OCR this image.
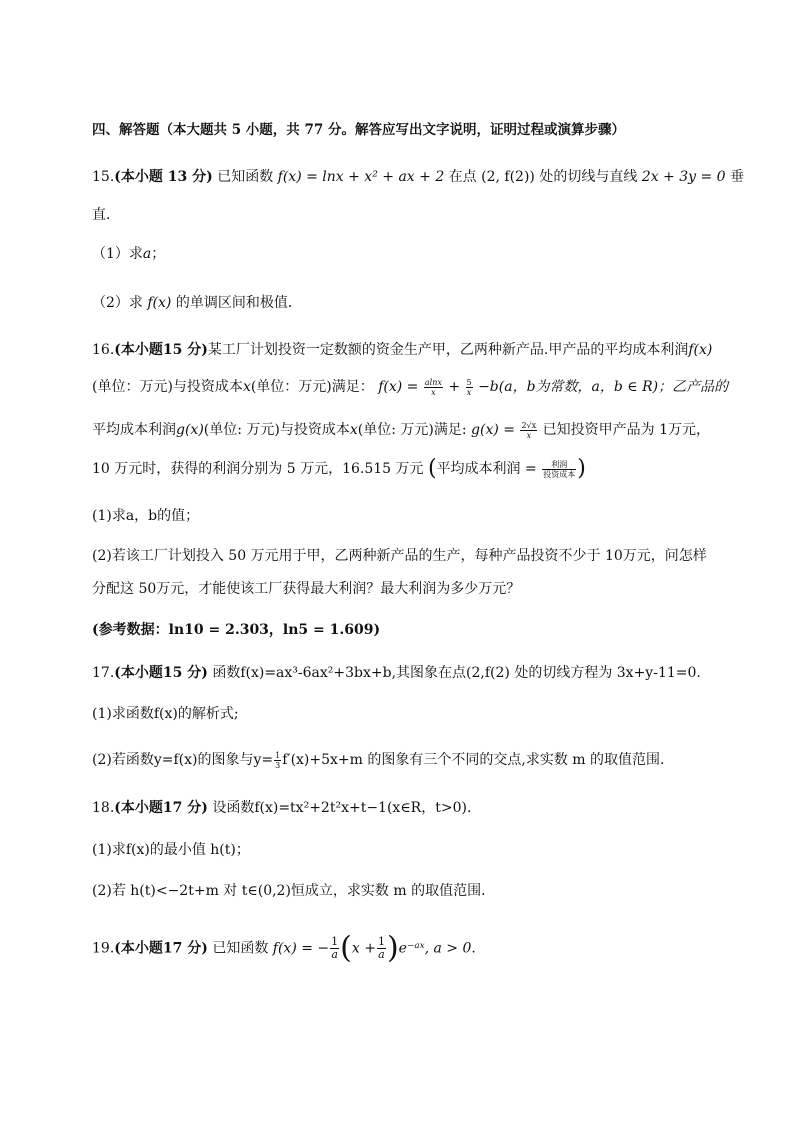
四、解答题（本大题共 5 小题，共 77 分。解答应写出文字说明，证明过程或演算步骤）
15.(本小题 13 分) 已知函数 f(x) = lnx + x² + ax + 2 在点 (2, f(2)) 处的切线与直线 2x + 3y = 0 垂
直．
（1）求a；
（2）求 f(x) 的单调区间和极值．
16.(本小题15 分)某工厂计划投资一定数额的资金生产甲，乙两种新产品.甲产品的平均成本利润f(x)
(单位：万元)与投资成本x(单位：万元)满足： $f(x) = \frac{alnx}{x} + \frac{5}{x} -b(a$，b为常数，a，b ∈ R)；乙产品的
平均成本利润g(x)(单位: 万元)与投资成本x(单位: 万元)满足: $g(x) = \frac{2√x}{x}$ 已知投资甲产品为 1万元，
10 万元时，获得的利润分别为 5 万元，16.515 万元 (平均成本利润 = $\frac{\text{利润}}{\text{投资成本}}$ )
(1)求a，b的值；
(2)若该工厂计划投入 50 万元用于甲，乙两种新产品的生产，每种产品投资不少于 10万元，问怎样
分配这 50万元，才能使该工厂获得最大利润？最大利润为多少万元？
(参考数据：ln10 = 2.303，ln5 = 1.609)
17.(本小题15 分) 函数f(x)=ax³-6ax²+3bx+b,其图象在点(2,f(2) 处的切线方程为 3x+y-11=0.
(1)求函数f(x)的解析式;
(2)若函数y=f(x)的图象与$y= \frac{1}{3} f'(x)+5x+m$ 的图象有三个不同的交点,求实数 m 的取值范围.
18.(本小题17 分) 设函数f(x)=tx²+2t²x+t−1(x∈R，t>0)．
(1)求f(x)的最小值 h(t)；
(2)若 h(t)<−2t+m 对 t∈(0,2)恒成立，求实数 m 的取值范围．
19.(本小题17 分) 已知函数 f(x) = − $\frac{1}{a} (x + \frac{1}{a}$ )e⁻ᵃˣ, a > 0.
